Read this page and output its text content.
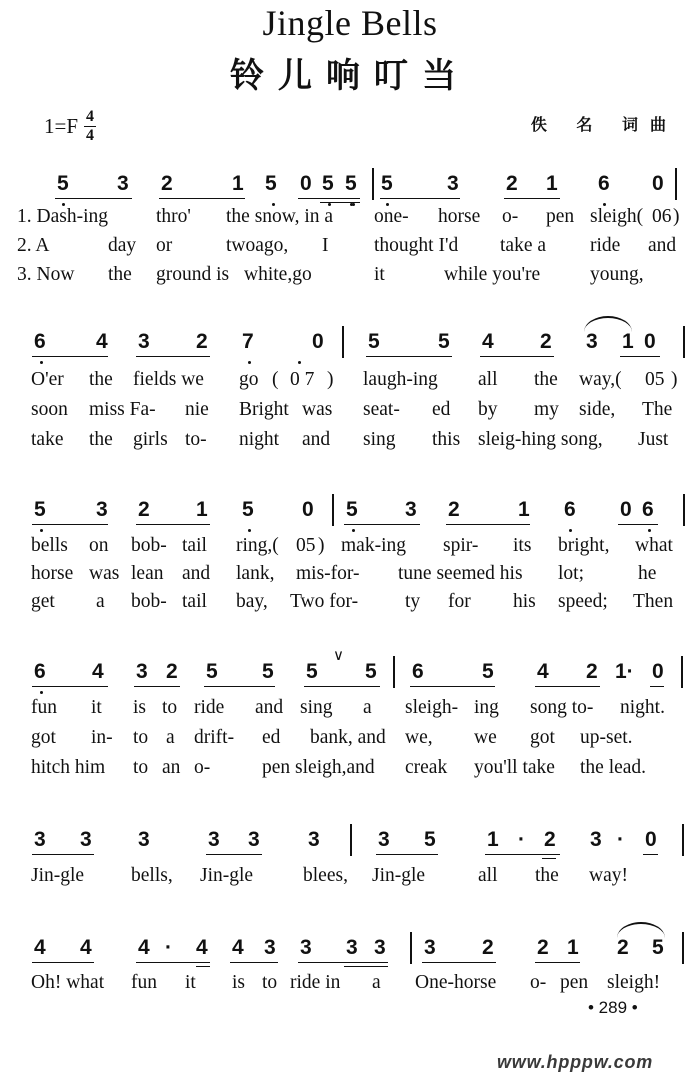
Jingle Bells
铃儿响叮当
1=F 4
4
佚 名 词曲
5 3 2	1 5 0 5 5 5	3 2 1 6 0
1. Dash-ing thro' the snow, in a one- horse o- pen sleigh( 06 )
2. A	day or	twoago, I thought I'd take a ride and
3. Now the ground is white,go	it	while you're	young,
6 4 3 2 7	0 5	5 4 2 3 1 0
O'er the fields we go ( 0 7 ) laugh-ing all the way,( 05 )
soon miss Fa- nie Bright was seat- ed by my side, The
take the girls to- night and sing this sleig-hing song, Just
5 3 2 1 5 0 5 3 2	1 6 0 6
bells on bob- tail ring,( 05 ) mak-ing spir- its bright, what
horse was lean and lank, mis-for- tune seemed his lot;	he
get a bob- tail bay, Two for- ty for his speed; Then
6 4 3 2 5 5 5 5 6	5 4 2 1· 0
∨
fun it is to ride and sing a sleigh- ing song to- night.
got in- to a drift- ed bank, and we, we got up-set.
hitch him to an o-	pen sleigh,and creak you'll take the lead.
3 3 3	3 3 3	3 5 1 · 2 3 · 0
Jin-gle bells, Jin-gle	blees, Jin-gle	all the way!
4 4 4 · 4 4 3 3 3 3 3 2 2 1 2 5
Oh! what fun it is to ride in a One-horse o- pen sleigh!
• 289 •
www.hpppw.com
